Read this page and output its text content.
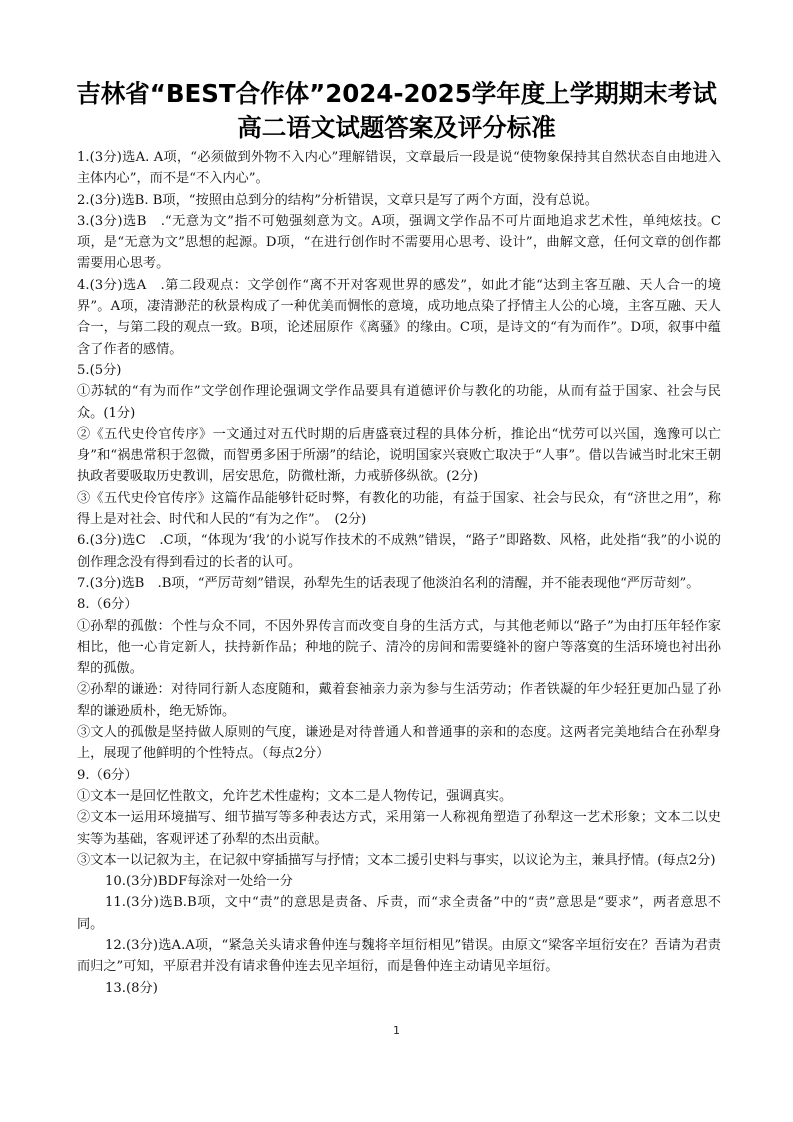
吉林省“BEST合作体”2024-2025学年度上学期期末考试
高二语文试题答案及评分标准

1.(3分)选A. A项，“必须做到外物不入内心”理解错误，文章最后一段是说“使物象保持其自然状态自由地进入主体内心”，而不是“不入内心”。

2.(3分)选B. B项，“按照由总到分的结构”分析错误，文章只是写了两个方面，没有总说。

3.(3分)选B　.“无意为文”指不可勉强刻意为文。A项，强调文学作品不可片面地追求艺术性，单纯炫技。C项，是“无意为文”思想的起源。D项，“在进行创作时不需要用心思考、设计”，曲解文意，任何文章的创作都需要用心思考。

4.(3分)选A　.第二段观点：文学创作“离不开对客观世界的感发”，如此才能“达到主客互融、天人合一的境界”。A项，凄清渺茫的秋景构成了一种优美而惆怅的意境，成功地点染了抒情主人公的心境，主客互融、天人合一，与第二段的观点一致。B项，论述屈原作《离骚》的缘由。C项，是诗文的“有为而作”。D项，叙事中蕴含了作者的感情。

5.(5分)

①苏轼的“有为而作”文学创作理论强调文学作品要具有道德评价与教化的功能，从而有益于国家、社会与民众。(1分)

②《五代史伶官传序》一文通过对五代时期的后唐盛衰过程的具体分析，推论出“忧劳可以兴国，逸豫可以亡身”和“祸患常积于忽微，而智勇多困于所溺”的结论，说明国家兴衰败亡取决于“人事”。借以告诫当时北宋王朝执政者要吸取历史教训，居安思危，防微杜渐，力戒骄侈纵欲。(2分)

③《五代史伶官传序》这篇作品能够针砭时弊，有教化的功能，有益于国家、社会与民众，有“济世之用”，称得上是对社会、时代和人民的“有为之作”。　(2分)

6.(3分)选C　.C项，“体现为‘我’的小说写作技术的不成熟”错误，“路子”即路数、风格，此处指“我”的小说的创作理念没有得到看过的长者的认可。

7.(3分)选B　.B项，“严厉苛刻”错误，孙犁先生的话表现了他淡泊名利的清醒，并不能表现他“严厉苛刻”。

8.（6分）

①孙犁的孤傲：个性与众不同，不因外界传言而改变自身的生活方式，与其他老师以“路子”为由打压年轻作家相比，他一心肯定新人，扶持新作品；种地的院子、清冷的房间和需要缝补的窗户等落寞的生活环境也衬出孙犁的孤傲。

②孙犁的谦逊：对待同行新人态度随和，戴着套袖亲力亲为参与生活劳动；作者铁凝的年少轻狂更加凸显了孙犁的谦逊质朴，绝无矫饰。

③文人的孤傲是坚持做人原则的气度，谦逊是对待普通人和普通事的亲和的态度。这两者完美地结合在孙犁身上，展现了他鲜明的个性特点。（每点2分）

9.（6分）

①文本一是回忆性散文，允许艺术性虚构；文本二是人物传记，强调真实。

②文本一运用环境描写、细节描写等多种表达方式，采用第一人称视角塑造了孙犁这一艺术形象；文本二以史实等为基础，客观评述了孙犁的杰出贡献。

③文本一以记叙为主，在记叙中穿插描写与抒情；文本二援引史料与事实，以议论为主，兼具抒情。(每点2分)

10.(3分)BDF每涂对一处给一分

11.(3分)选B.B项，文中“责”的意思是责备、斥责，而“求全责备”中的“责”意思是“要求”，两者意思不同。

12.(3分)选A.A项，“紧急关头请求鲁仲连与魏将辛垣衍相见”错误。由原文“梁客辛垣衍安在？吾请为君责而归之”可知，平原君并没有请求鲁仲连去见辛垣衍，而是鲁仲连主动请见辛垣衍。

13.(8分)

1
